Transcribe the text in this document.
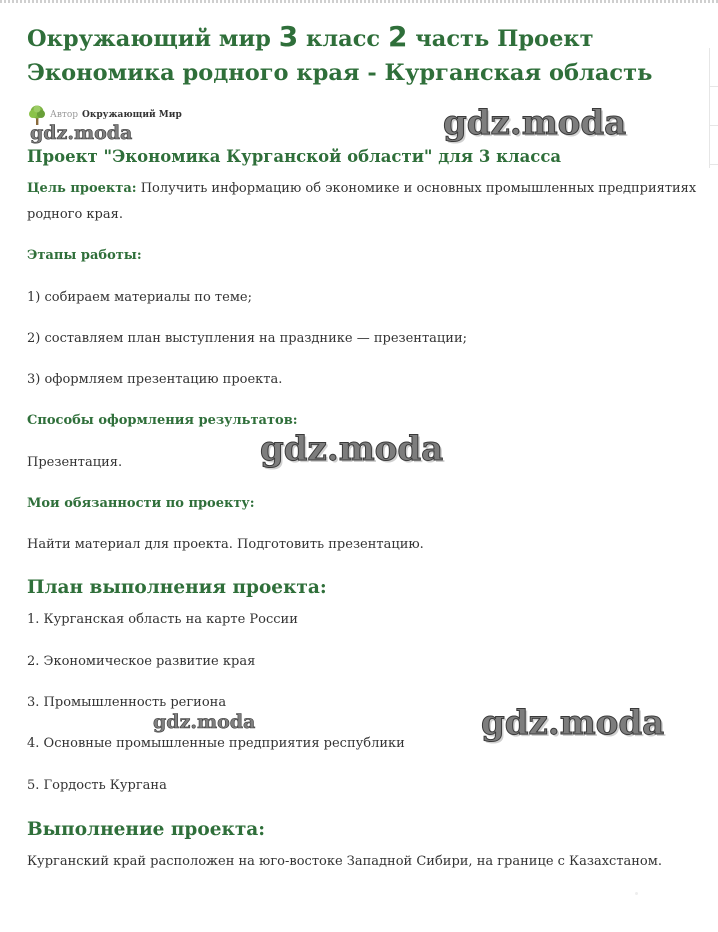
Окружающий мир 3 класс 2 часть Проект
Экономика родного края - Курганская область
Автор Окружающий Мир
gdz.moda	gdz.moda
Проект "Экономика Курганской области" для 3 класса

Цель проекта: Получить информацию об экономике и основных промышленных предприятиях родного края.

Этапы работы:

1) собираем материалы по теме;

2) составляем план выступления на празднике — презентации;

3) оформляем презентацию проекта.

Способы оформления результатов:

Презентация.	gdz.moda
Мои обязанности по проекту:

Найти материал для проекта. Подготовить презентацию.

План выполнения проекта:

1. Курганская область на карте России

2. Экономическое развитие края

3. Промышленность региона

4. Основные промышленные предприятия республики

5. Гордость Кургана

gdz.moda	gdz.moda
Выполнение проекта:

Курганский край расположен на юго-востоке Западной Сибири, на границе с Казахстаном.
